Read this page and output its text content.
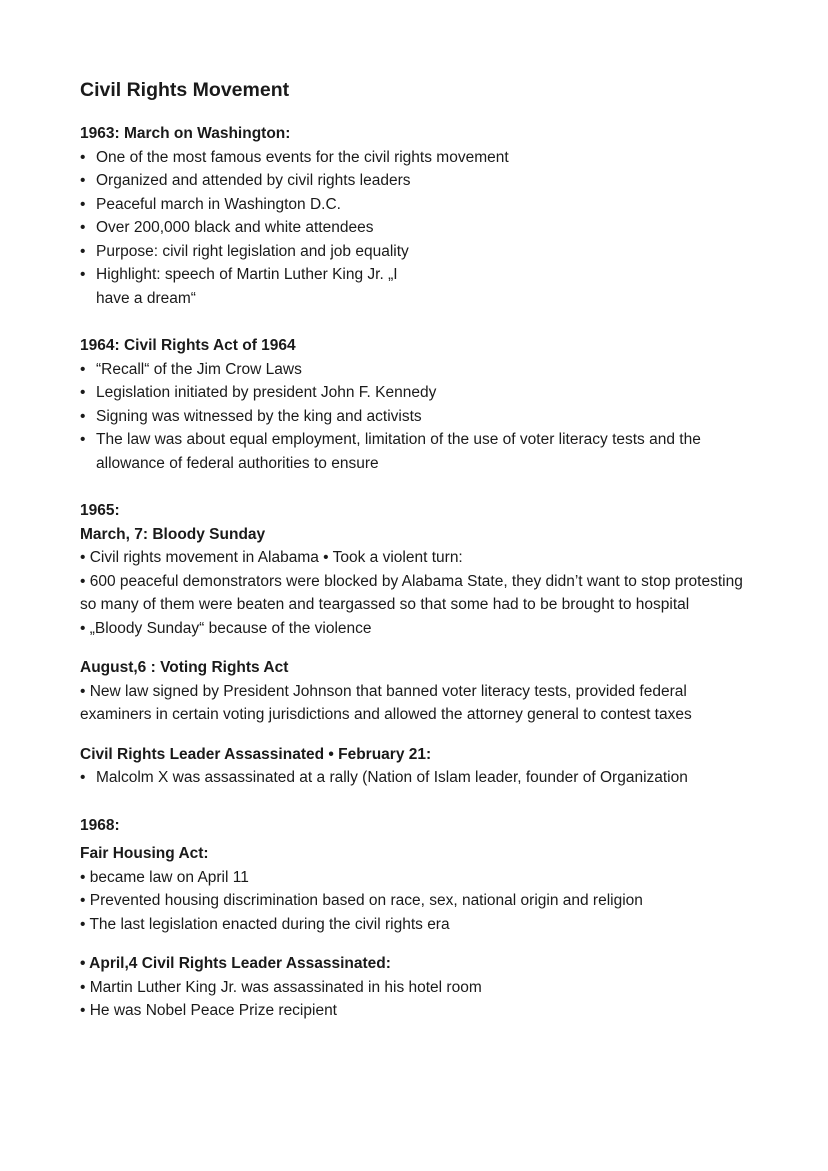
Civil Rights Movement
1963: March on Washington:
• One of the most famous events for the civil rights movement
• Organized and attended by civil rights leaders
• Peaceful march in Washington D.C.
• Over 200,000 black and white attendees
• Purpose: civil right legislation and job equality
• Highlight: speech of Martin Luther King Jr. „I
have a dream“
1964: Civil Rights Act of 1964
• “Recall“ of the Jim Crow Laws
• Legislation initiated by president John F. Kennedy
• Signing was witnessed by the king and activists
• The law was about equal employment, limitation of the use of voter literacy tests and the allowance of federal authorities to ensure
1965:
March, 7: Bloody Sunday
• Civil rights movement in Alabama • Took a violent turn:
• 600 peaceful demonstrators were blocked by Alabama State, they didn’t want to stop protesting so many of them were beaten and teargassed so that some had to be brought to hospital
• „Bloody Sunday“ because of the violence
August,6 : Voting Rights Act
• New law signed by President Johnson that banned voter literacy tests, provided federal examiners in certain voting jurisdictions and allowed the attorney general to contest taxes
Civil Rights Leader Assassinated • February 21:
• Malcolm X was assassinated at a rally (Nation of Islam leader, founder of Organization
1968:
Fair Housing Act:
• became law on April 11
• Prevented housing discrimination based on race, sex, national origin and religion
• The last legislation enacted during the civil rights era
• April,4 Civil Rights Leader Assassinated:
• Martin Luther King Jr. was assassinated in his hotel room
• He was Nobel Peace Prize recipient
